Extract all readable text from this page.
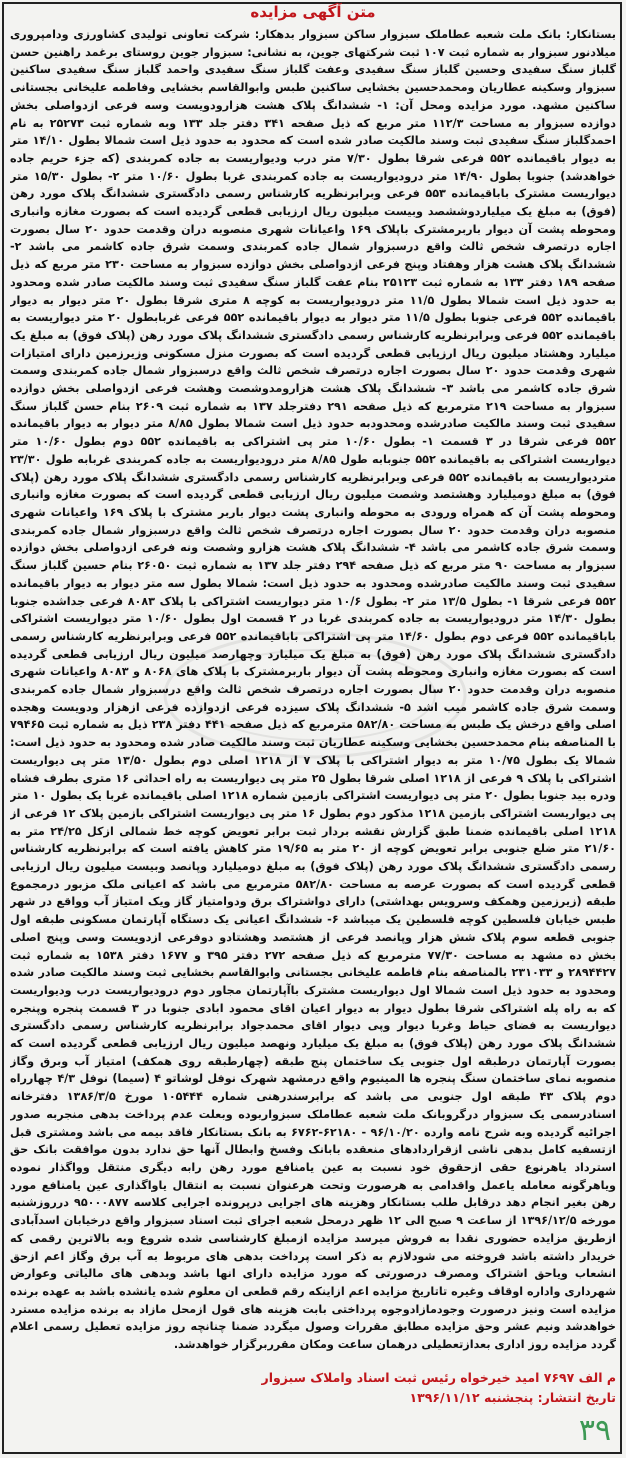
متن آگهی مزایده
بستانکار: بانک ملت شعبه عطاملک سبزوار ساکن سبزوار بدهکار: شرکت تعاونی تولیدی کشاورزی ودامپروری میلادنور سبزوار به شماره ثبت ۱۰۷ ثبت شرکتهای جوین، به نشانی: سبزوار جوین روستای برغمد راهنین حسن گلباز سنگ سفیدی وحسین گلباز سنگ سفیدی وعفت گلباز سنگ سفیدی واحمد گلباز سنگ سفیدی ساکنین سبزوار وسکینه عطاریان ومحمدحسین بخشایی ساکنین طبس وابوالقاسم بخشایی وفاطمه علیخانی بجستانی ساکنین مشهد. مورد مزایده ومحل آن: ۱- ششدانگ پلاک هشت هزارودویست وسه فرعی ازدواصلی بخش دوازده سبزوار به مساحت ۱۱۲/۳ متر مربع که ذیل صفحه ۳۴۱ دفتر جلد ۱۳۳ وبه شماره ثبت ۲۵۲۷۳ به نام احمدگلباز سنگ سفیدی ثبت وسند مالکیت صادر شده است که محدود به حدود ذیل است شمالا بطول ۱۴/۱۰ متر به دیوار باقیمانده ۵۵۲ فرعی شرقا بطول ۷/۳۰ متر درب ودیواریست به جاده کمربندی (که جزء حریم جاده خواهدشد) جنوبا بطول ۱۴/۹۰ متر درودیواریست به جاده کمربندی غربا بطول ۱۰/۶۰ متر ۲- بطول ۱۵/۳۰ متر دیواریست مشترک باباقیمانده ۵۵۳ فرعی وبرابرنظریه کارشناس رسمی دادگستری ششدانگ پلاک مورد رهن (فوق) به مبلغ یک میلیاردوششصد وبیست میلیون ریال ارزیابی قطعی گردیده است که بصورت مغازه وانباری ومحوطه پشت آن دیوار باربرمشترک باپلاک ۱۶۹ واعیانات شهری منصوبه دران وقدمت حدود ۲۰ سال بصورت اجاره درتصرف شخص ثالث واقع درسبزوار شمال جاده کمربندی وسمت شرق جاده کاشمر می باشد ۲- ششدانگ پلاک هشت هزار وهفتاد وپنج فرعی ازدواصلی بخش دوازده سبزوار به مساحت ۲۳۰ متر مربع که ذیل صفحه ۱۸۹ دفتر ۱۳۳ به شماره ثبت ۲۵۱۲۳ بنام عفت گلباز سنگ سفیدی ثبت وسند مالکیت صادر شده ومحدود به حدود ذیل است شمالا بطول ۱۱/۵ متر درودیواریست به کوچه ۸ متری شرقا بطول ۲۰ متر دیوار به دیوار باقیمانده ۵۵۲ فرعی جنوبا بطول ۱۱/۵ متر دیوار به دیوار باقیمانده ۵۵۲ فرعی غربابطول ۲۰ متر دیواریست به باقیمانده ۵۵۲ فرعی وبرابرنظریه کارشناس رسمی دادگستری ششدانگ پلاک مورد رهن (پلاک فوق) به مبلغ یک میلیارد وهشتاد میلیون ریال ارزیابی قطعی گردیده است که بصورت منزل مسکونی وزیرزمین دارای امتیازات شهری وقدمت حدود ۲۰ سال بصورت اجاره درتصرف شخص ثالث واقع درسبزوار شمال جاده کمربندی وسمت شرق جاده کاشمر می باشد ۳- ششدانگ پلاک هشت هزارومدوشصت وهشت فرعی ازدواصلی بخش دوازده سبزوار به مساحت ۲۱۹ مترمربع که ذیل صفحه ۲۹۱ دفترجلد ۱۳۷ به شماره ثبت ۲۶۰۹ بنام حسن گلباز سنگ سفیدی ثبت وسند مالکیت صادرشده ومحدودبه حدود ذیل است شمالا بطول ۸/۸۵ متر دیوار به دیوار باقیمانده ۵۵۲ فرعی شرقا در ۳ قسمت ۱- بطول ۱۰/۶۰ متر پی اشتراکی به باقیمانده ۵۵۲ دوم بطول ۱۰/۶۰ متر دیواریست اشتراکی به باقیمانده ۵۵۲ جنوبابه طول ۸/۸۵ متر درودیواریست به جاده کمربندی غربابه طول ۲۳/۳۰ متردیواریست به باقیمانده ۵۵۲ فرعی وبرابرنظریه کارشناس رسمی دادگستری ششدانگ پلاک مورد رهن (پلاک فوق) به مبلغ دومیلیارد وهشتصد وشصت میلیون ریال ارزیابی قطعی گردیده است که بصورت مغازه وانباری ومحوطه پشت آن که همراه ورودی به محوطه وانباری پشت دیوار باربر مشترک با پلاک ۱۶۹ واعیانات شهری منصوبه دران وقدمت حدود ۲۰ سال بصورت اجاره درتصرف شخص ثالث واقع درسبزوار شمال جاده کمربندی وسمت شرق جاده کاشمر می باشد ۴- ششدانگ پلاک هشت هزارو وشصت ونه فرعی ازدواصلی بخش دوازده سبزوار به مساحت ۹۰ متر مربع که ذیل صفحه ۲۹۴ دفتر جلد ۱۳۷ به شماره ثبت ۲۶۰۵۰ بنام حسین گلباز سنگ سفیدی ثبت وسند مالکیت صادرشده ومحدود به حدود ذیل است: شمالا بطول سه متر دیوار به دیوار باقیمانده ۵۵۲ فرعی شرقا ۱- بطول ۱۳/۵ متر ۲- بطول ۱۰/۶ متر دیواریست اشتراکی با پلاک ۸۰۸۳ فرعی جداشده جنوبا بطول ۱۴/۳۰ متر درودیواریست به جاده کمربندی غربا در ۲ قسمت اول بطول ۱۰/۶۰ متر دیواریست اشتراکی باباقیمانده ۵۵۲ فرعی دوم بطول ۱۴/۶۰ متر پی اشتراکی باباقیمانده ۵۵۲ فرعی وبرابرنظریه کارشناس رسمی دادگستری ششدانگ پلاک مورد رهن (فوق) به مبلغ یک میلیارد وچهارصد میلیون ریال ارزیابی قطعی گردیده است که بصورت مغازه وانباری ومحوطه پشت آن دیوار باربرمشترک با پلاک های ۸۰۶۸ و ۸۰۸۳ واعیانات شهری منصوبه دران وقدمت حدود ۲۰ سال بصورت اجاره درتصرف شخص ثالث واقع درسبزوار شمال جاده کمربندی وسمت شرق جاده کاشمر میب اشد ۵- ششدانگ پلاک سیزده فرعی ازدوازده فرعی ازهزار ودویست وهجده اصلی واقع درخش یک طبس به مساحت ۵۸۲/۸۰ مترمربع که ذیل صفحه ۴۴۱ دفتر ۲۳۸ ذیل به شماره ثبت ۷۹۴۶۵ با المناصفه بنام محمدحسین بخشایی وسکینه عطاریان ثبت وسند مالکیت صادر شده ومحدود به حدود ذیل است: شمالا یک بطول ۱۰/۷۵ متر به دیوار اشتراکی با پلاک ۷ از ۱۲۱۸ اصلی دوم بطول ۱۳/۵۰ متر پی دیواریست اشتراکی با پلاک ۹ فرعی از ۱۲۱۸ اصلی شرقا بطول ۲۵ متر پی دیواریست به راه احداثی ۱۶ متری بطرف فشاه ودره بید جنوبا بطول ۲۰ متر پی دیواریست اشتراکی بازمین شماره ۱۲۱۸ اصلی باقیمانده غربا یک بطول ۱۰ متر پی دیواریست اشتراکی بازمین ۱۲۱۸ مذکور دوم بطول ۱۶ متر پی دیواریست اشتراکی بازمین پلاک ۱۲ فرعی از ۱۲۱۸ اصلی باقیمانده ضمنا طبق گزارش نقشه بردار ثبت برابر تعویض کوچه خط شمالی ازکل ۲۴/۲۵ متر به ۲۱/۶۰ متر ضلع جنوبی برابر تعویض کوچه از ۲۰ متر به ۱۹/۶۵ متر کاهش یافته است که برابرنظریه کارشناس رسمی دادگستری ششدانگ پلاک مورد رهن (پلاک فوق) به مبلغ دومیلیارد وپانصد وبیست میلیون ریال ارزیابی قطعی گردیده است که بصورت عرصه به مساحت ۵۸۲/۸۰ مترمربع می باشد که اعیانی ملک مزبور درمجموع طبقه (زیرزمین وهمکف وسرویس بهداشتی) دارای دواشتراک برق ودوامتیاز گاز ویک امتیاز آب وواقع در شهر طبس خیابان فلسطین کوچه فلسطین یک میباشد ۶- ششدانگ اعیانی یک دستگاه آپارتمان مسکونی طبقه اول جنوبی قطعه سوم پلاک شش هزار وپانصد فرعی از هشتصد وهشتادو دوفرعی ازدویست وسی وپنج اصلی بخش ده مشهد به مساحت ۷۷/۳۰ مترمربع که ذیل صفحه ۲۷۲ دفتر ۳۹۵ و ۱۶۷۷ دفتر ۱۵۳۸ به شماره ثبت ۲۸۹۴۴۲۷ و ۲۳۱۰۳۳ بالمناصفه بنام فاطمه علیخانی بجستانی وابوالقاسم بخشایی ثبت وسند مالکیت صادر شده ومحدود به حدود ذیل است شمالا اول دیواریست مشترک باآپارتمان مجاور دوم درودیواریست درب ودیواریست که به راه پله اشتراکی شرقا بطول دیوار به دیوار اعیان اقای محمود ابادی جنوبا در ۳ قسمت پنجره وپنجره دیواریست به فضای حیاط وغربا دیوار وپی دیوار اقای محمدجواد برابرنظریه کارشناس رسمی دادگستری ششدانگ پلاک مورد رهن (پلاک فوق) به مبلغ یک میلیارد ونهصد میلیون ریال ارزیابی قطعی گردیده است که بصورت آپارتمان درطبقه اول جنوبی یک ساختمان پنج طبقه (چهارطبقه روی همکف) امتیاز آب وبرق وگاز منصوبه نمای ساختمان سنگ پنجره ها المینیوم واقع درمشهد شهرک نوفل لوشاتو ۴ (سیما) نوفل ۴/۳ چهارراه دوم پلاک ۴۳ طبقه اول جنوبی می باشد که برابرسندرهنی شماره ۱۰۵۴۴۴ مورخ ۱۳۸۶/۳/۵ دفترخانه اسنادرسمی یک سبزوار درگروبانک ملت شعبه عطاملک سبزواربوده وبعلت عدم پرداخت بدهی منجربه صدور اجرائیه گردیده وبه شرح نامه وارده ۹۶/۱۰/۲۰ - ۶۲۱۸۰-۶۷۶۲ به بانک بستانکار فاقد بیمه می باشد ومشتری قبل ازتسفیه کامل بدهی ناشی ازقراردادهای منعقده بابانک وفسخ وابطال آنها حق ندارد بدون موافقت بانک حق استرداد یاهرنوع حقی ازحقوق خود نسبت به عین یامنافع مورد رهن رابه دیگری منتقل وواگذار نموده ویاهرگونه معامله یاعمل واقدامی به هرصورت وتحت هرعنوان نسبت به انتقال یاواگذاری عین یامنافع مورد رهن بغیر انجام دهد درقابل طلب بستانکار وهزینه های اجرایی درپرونده اجرایی کلاسه ۹۵۰۰۰۸۷۷ درروزشنبه مورخه ۱۳۹۶/۱۲/۵ از ساعت ۹ صبح الی ۱۲ ظهر درمحل شعبه اجرای ثبت اسناد سبزوار واقع درخیابان اسدآبادی ازطریق مزایده حضوری نقدا به فروش میرسد مزایده ازمبلغ کارشناسی شده شروع وبه بالاترین رقمی که خریدار داشته باشد فروخته می شودلازم به ذکر است پرداخت بدهی های مربوط به آب برق وگاز اعم ازحق انشعاب ویاحق اشتراک ومصرف درصورتی که مورد مزایده دارای انها باشد وبدهی های مالیاتی وعوارض شهرداری واداره اوقاف وغیره تاتاریخ مزایده اعم ازاینکه رقم قطعی ان معلوم شده یانشده باشد به عهده برنده مزایده است ونیز درصورت وجودمازادوجوه پرداختی بابت هزینه های قول ازمحل مازاد به برنده مزایده مسترد خواهدشد ونیم عشر وحق مزایده مطابق مقررات وصول میگردد ضمنا چنانچه روز مزایده تعطیل رسمی اعلام گردد مزایده روز اداری بعدازتعطیلی درهمان ساعت ومکان مقرربرگزار خواهدشد.
م الف ۷۶۹۷ امید خیرخواه رئیس ثبت اسناد واملاک سبزوار
تاریخ انتشار: پنجشنبه ۱۳۹۶/۱۱/۱۲
۳۹
